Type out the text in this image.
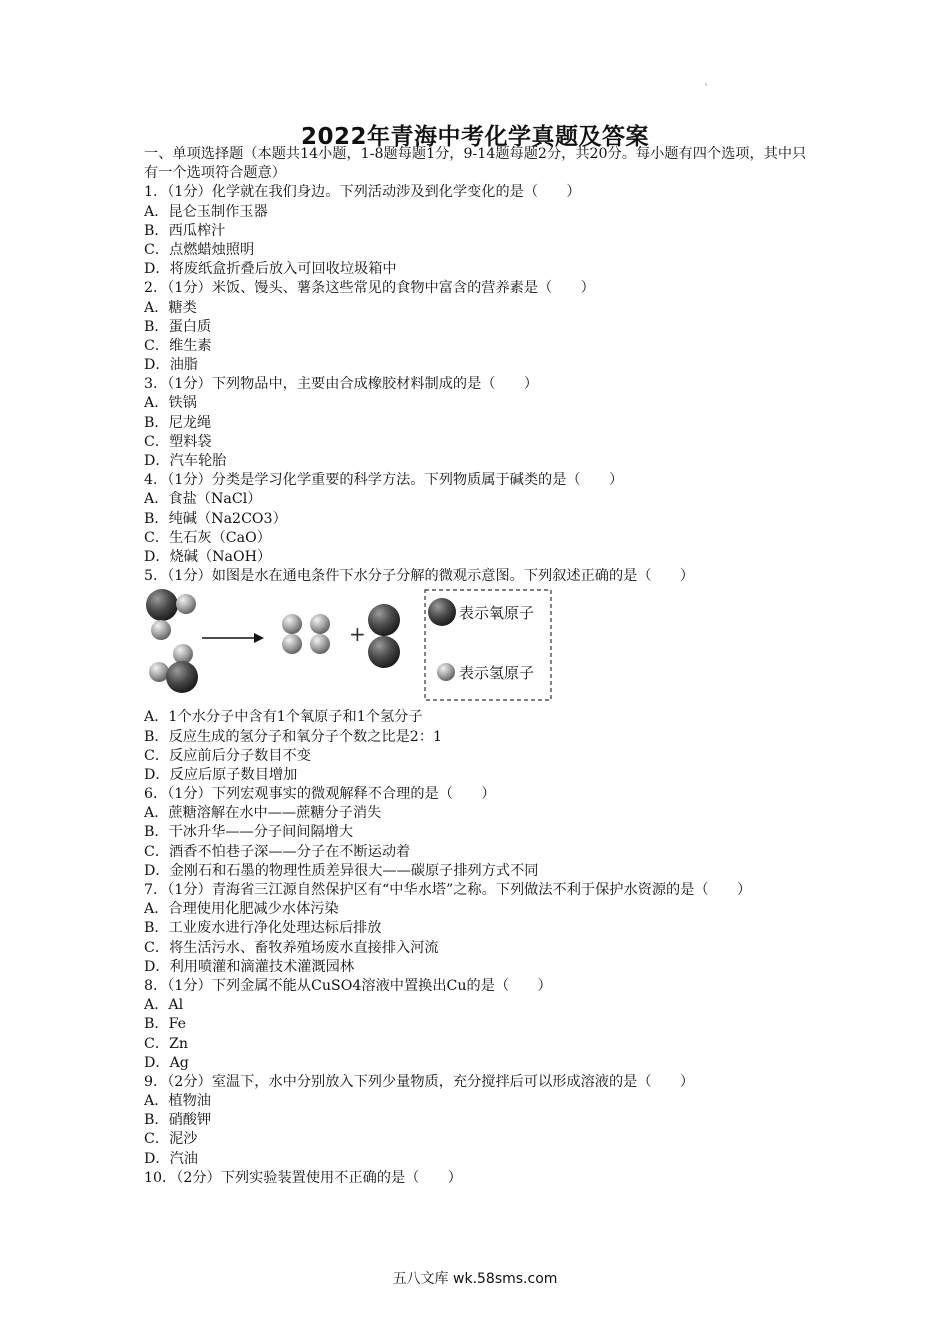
`
2022年青海中考化学真题及答案
一、单项选择题（本题共14小题，1-8题每题1分，9-14题每题2分，共20分。每小题有四个选项，其中只有一个选项符合题意）
1．（1分）化学就在我们身边。下列活动涉及到化学变化的是（　　）
A．昆仑玉制作玉器
B．西瓜榨汁
C．点燃蜡烛照明
D．将废纸盒折叠后放入可回收垃圾箱中
2．（1分）米饭、馒头、薯条这些常见的食物中富含的营养素是（　　）
A．糖类
B．蛋白质
C．维生素
D．油脂
3．（1分）下列物品中，主要由合成橡胶材料制成的是（　　）
A．铁锅
B．尼龙绳
C．塑料袋
D．汽车轮胎
4．（1分）分类是学习化学重要的科学方法。下列物质属于碱类的是（　　）
A．食盐（NaCl）
B．纯碱（Na2CO3）
C．生石灰（CaO）
D．烧碱（NaOH）
5．（1分）如图是水在通电条件下水分子分解的微观示意图。下列叙述正确的是（　　）
+
表示氧原子
表示氢原子
A．1个水分子中含有1个氧原子和1个氢分子
B．反应生成的氢分子和氧分子个数之比是2：1
C．反应前后分子数目不变
D．反应后原子数目增加
6．（1分）下列宏观事实的微观解释不合理的是（　　）
A．蔗糖溶解在水中——蔗糖分子消失
B．干冰升华——分子间间隔增大
C．酒香不怕巷子深——分子在不断运动着
D．金刚石和石墨的物理性质差异很大——碳原子排列方式不同
7．（1分）青海省三江源自然保护区有“中华水塔”之称。下列做法不利于保护水资源的是（　　）
A．合理使用化肥减少水体污染
B．工业废水进行净化处理达标后排放
C．将生活污水、畜牧养殖场废水直接排入河流
D．利用喷灌和滴灌技术灌溉园林
8．（1分）下列金属不能从CuSO4溶液中置换出Cu的是（　　）
A．Al
B．Fe
C．Zn
D．Ag
9．（2分）室温下，水中分别放入下列少量物质，充分搅拌后可以形成溶液的是（　　）
A．植物油
B．硝酸钾
C．泥沙
D．汽油
10．（2分）下列实验装置使用不正确的是（　　）
五八文库 wk.58sms.com
